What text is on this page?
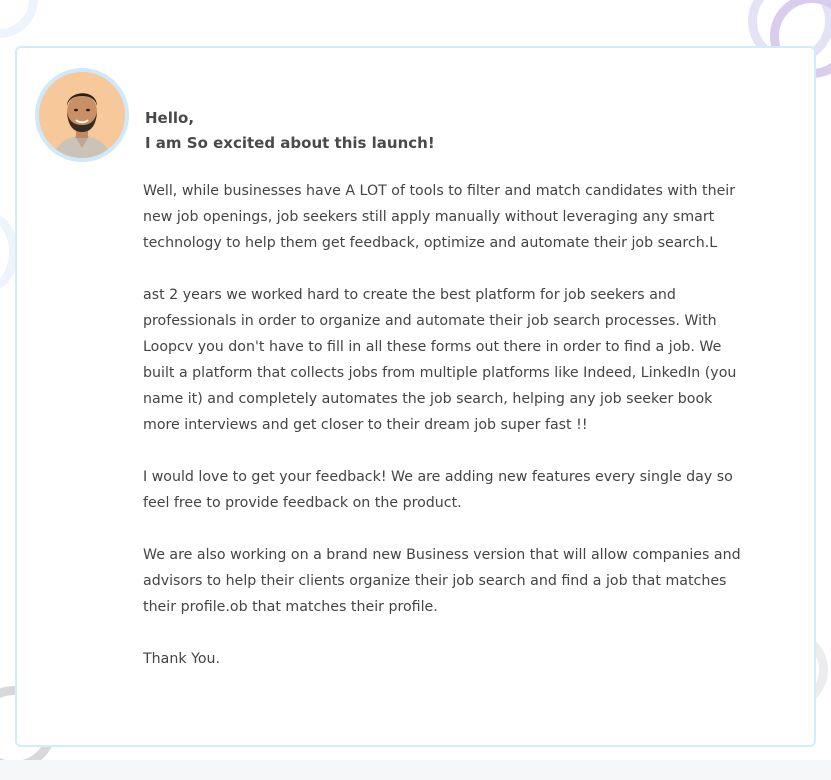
Hello,
I am So excited about this launch!

Well, while businesses have A LOT of tools to filter and match candidates with their new job openings, job seekers still apply manually without leveraging any smart technology to help them get feedback, optimize and automate their job search.L

ast 2 years we worked hard to create the best platform for job seekers and professionals in order to organize and automate their job search processes. With Loopcv you don't have to fill in all these forms out there in order to find a job. We built a platform that collects jobs from multiple platforms like Indeed, LinkedIn (you name it) and completely automates the job search, helping any job seeker book more interviews and get closer to their dream job super fast !!

I would love to get your feedback! We are adding new features every single day so feel free to provide feedback on the product.

We are also working on a brand new Business version that will allow companies and advisors to help their clients organize their job search and find a job that matches their profile.ob that matches their profile.

Thank You.
